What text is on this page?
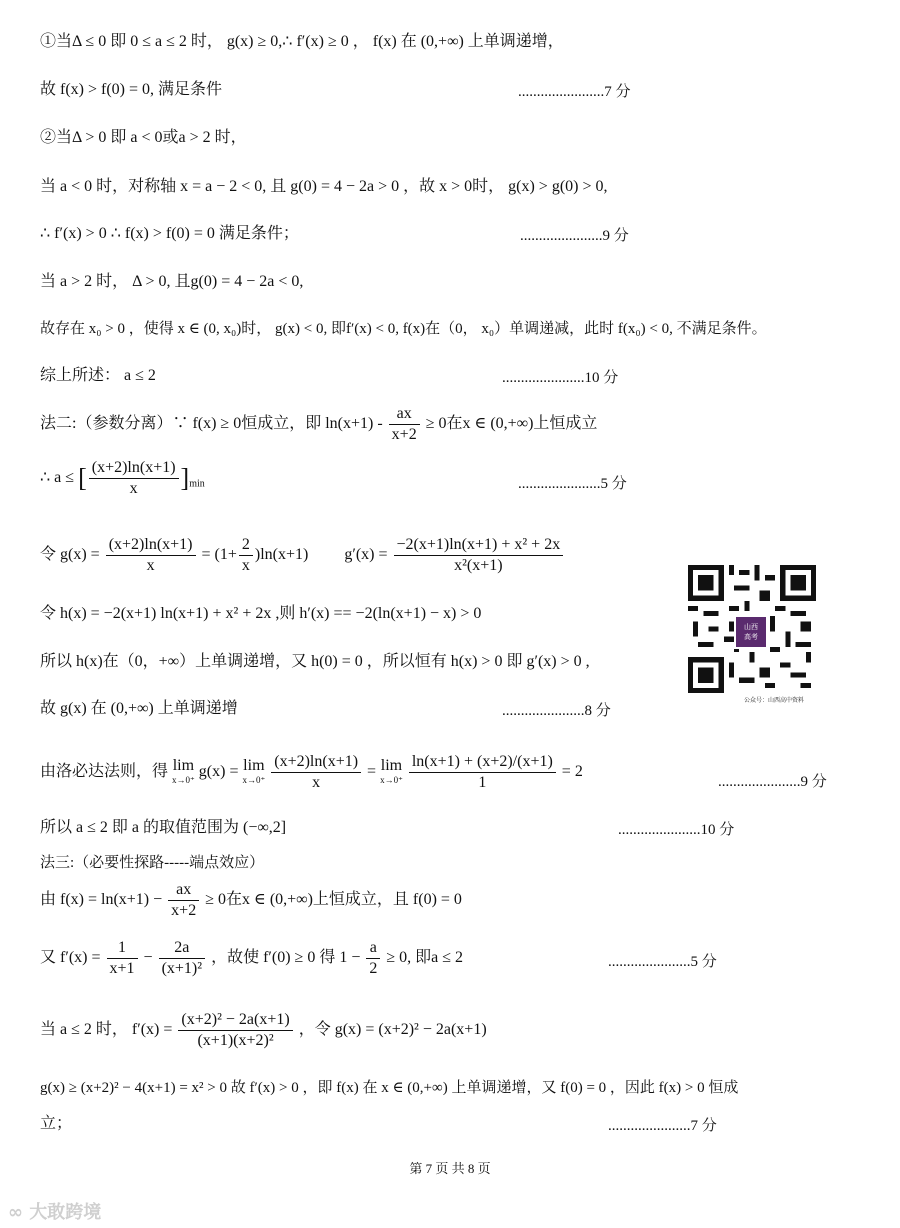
①当Δ ≤ 0 即 0 ≤ a ≤ 2 时， g(x) ≥ 0,∴ f′(x) ≥ 0 ， f(x) 在 (0,+∞) 上单调递增，
故 f(x) > f(0) = 0, 满足条件	.......................7 分
②当Δ > 0 即 a < 0或a > 2 时，
当 a < 0 时，对称轴 x = a − 2 < 0, 且 g(0) = 4 − 2a > 0 ，故 x > 0时， g(x) > g(0) > 0,
∴ f′(x) > 0 ∴ f(x) > f(0) = 0 满足条件；	......................9 分
当 a > 2 时， Δ > 0, 且g(0) = 4 − 2a < 0,
故存在 x₀ > 0 ，使得 x ∈ (0, x₀)时， g(x) < 0, 即f′(x) < 0, f(x)在（0， x₀）单调递减，此时 f(x₀) < 0, 不满足条件。
综上所述： a ≤ 2	......................10 分
法二:（参数分离）∵ f(x) ≥ 0恒成立，即 $\ln(x+1) - \frac{ax}{x+2} \ge 0$在x ∈ (0,+∞)上恒成立
∴ a ≤ [ $\frac{(x+2)\ln(x+1)}{x} ]_{min}$	......................5 分
令 $g(x) = \frac{(x+2)\ln(x+1)}{x} = (1+ \frac{2}{x} )\ln(x+1) g'(x) = \frac{\text{−2(x+1)ln(x+1) + x² + 2x}}{\text{x²(x+1)}}$
令 h(x) = −2(x+1) ln(x+1) + x² + 2x ,则 h′(x) == −2(ln(x+1) − x) > 0
所以 h(x)在（0，+∞）上单调递增，又 h(0) = 0 ，所以恒有 h(x) > 0 即 g′(x) > 0 ,
故 g(x) 在 (0,+∞) 上单调递增	......................8 分
由洛必达法则，得 lim
x→0⁺ g(x) = lim
x→0⁺
$\frac{(x+2)\ln(x+1)}{x} = \lim$
x→0⁺
$\frac{\ln(x+1) + (x+2)/(x+1)}{1} = 2$
......................9 分
所以 a ≤ 2 即 a 的取值范围为 (−∞,2]	......................10 分
法三:（必要性探路-----端点效应）
由 $f(x) = \ln(x+1) - \frac{ax}{x+2} \ge 0$在x ∈ (0,+∞)上恒成立，且 f(0) = 0
又 $f'(x) = \frac{1}{x+1} - \frac{2a}{\text{(x+1)²}}$ ，故使 f′(0) ≥ 0 得 $1 - \frac{a}{2} \ge 0$, 即a ≤ 2	......................5 分
当 a ≤ 2 时， $f'(x) = \frac{\text{(x+2)² − 2a(x+1)}}{\text{(x+1)(x+2)²}}$ ，令 g(x) = (x+2)² − 2a(x+1)
g(x) ≥ (x+2)² − 4(x+1) = x² > 0 故 f′(x) > 0 ，即 f(x) 在 x ∈ (0,+∞) 上单调递增，又 f(0) = 0 ，因此 f(x) > 0 恒成
立；	......................7 分
山西
高考
公众号：山西高中资料
第 7 页 共 8 页
∞ 大敢跨境
